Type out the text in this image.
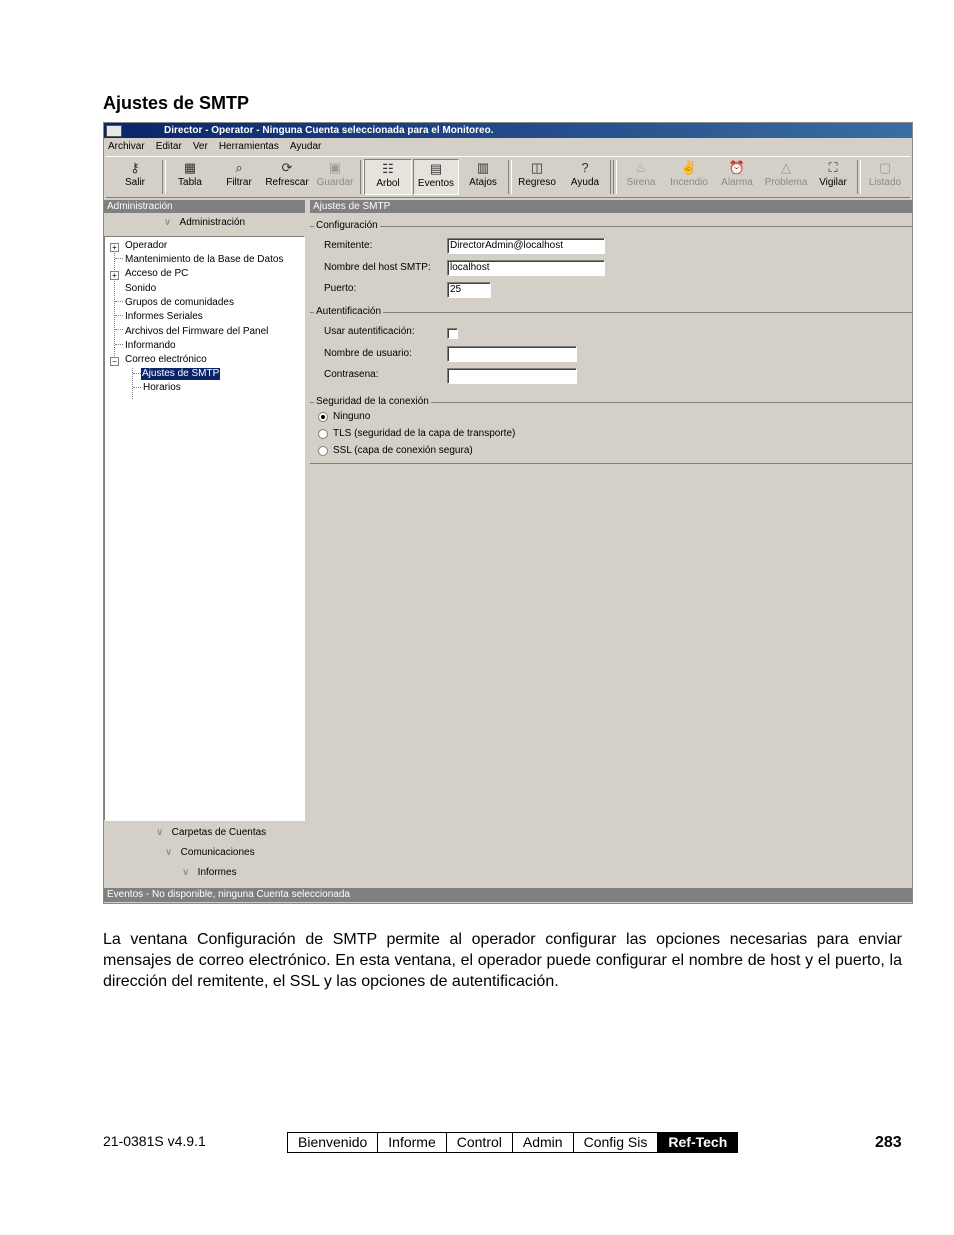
Ajustes de SMTP
Director - Operator - Ninguna Cuenta seleccionada para el Monitoreo.
Archivar Editar Ver Herramientas Ayudar
⚷
Salir
▦
Tabla
⌕
Filtrar
⟳
Refrescar
▣
Guardar
☷
Arbol
▤
Eventos
▥
Atajos
◫
Regreso
?
Ayuda
♨
Sirena
✌
Incendio
⏰
Alarma
△
Problema
⛶
Vigilar
▢
Listado
Administración
∨ Administración
+
+
−
Operador
Mantenimiento de la Base de Datos
Acceso de PC
Sonido
Grupos de comunidades
Informes Seriales
Archivos del Firmware del Panel
Informando
Correo electrónico
Ajustes de SMTP
Horarios
∨ Carpetas de Cuentas
∨ Comunicaciones
∨ Informes
Ajustes de SMTP
Configuración
Remitente:	DirectorAdmin@localhost
Nombre del host SMTP:	localhost
Puerto:	25
Autentificación
Usar autentificación:
Nombre de usuario:
Contrasena:
Seguridad de la conexión
Ninguno
TLS (seguridad de la capa de transporte)
SSL (capa de conexión segura)
Eventos - No disponible, ninguna Cuenta seleccionada
La ventana Configuración de SMTP permite al operador configurar las opciones necesarias para enviar mensajes de correo electrónico. En esta ventana, el operador puede configurar el nombre de host y el puerto, la dirección del remitente, el SSL y las opciones de autentificación.
21-0381S v4.9.1	Bienvenido	Informe	Control	Admin	Config Sis	Ref-Tech	283
